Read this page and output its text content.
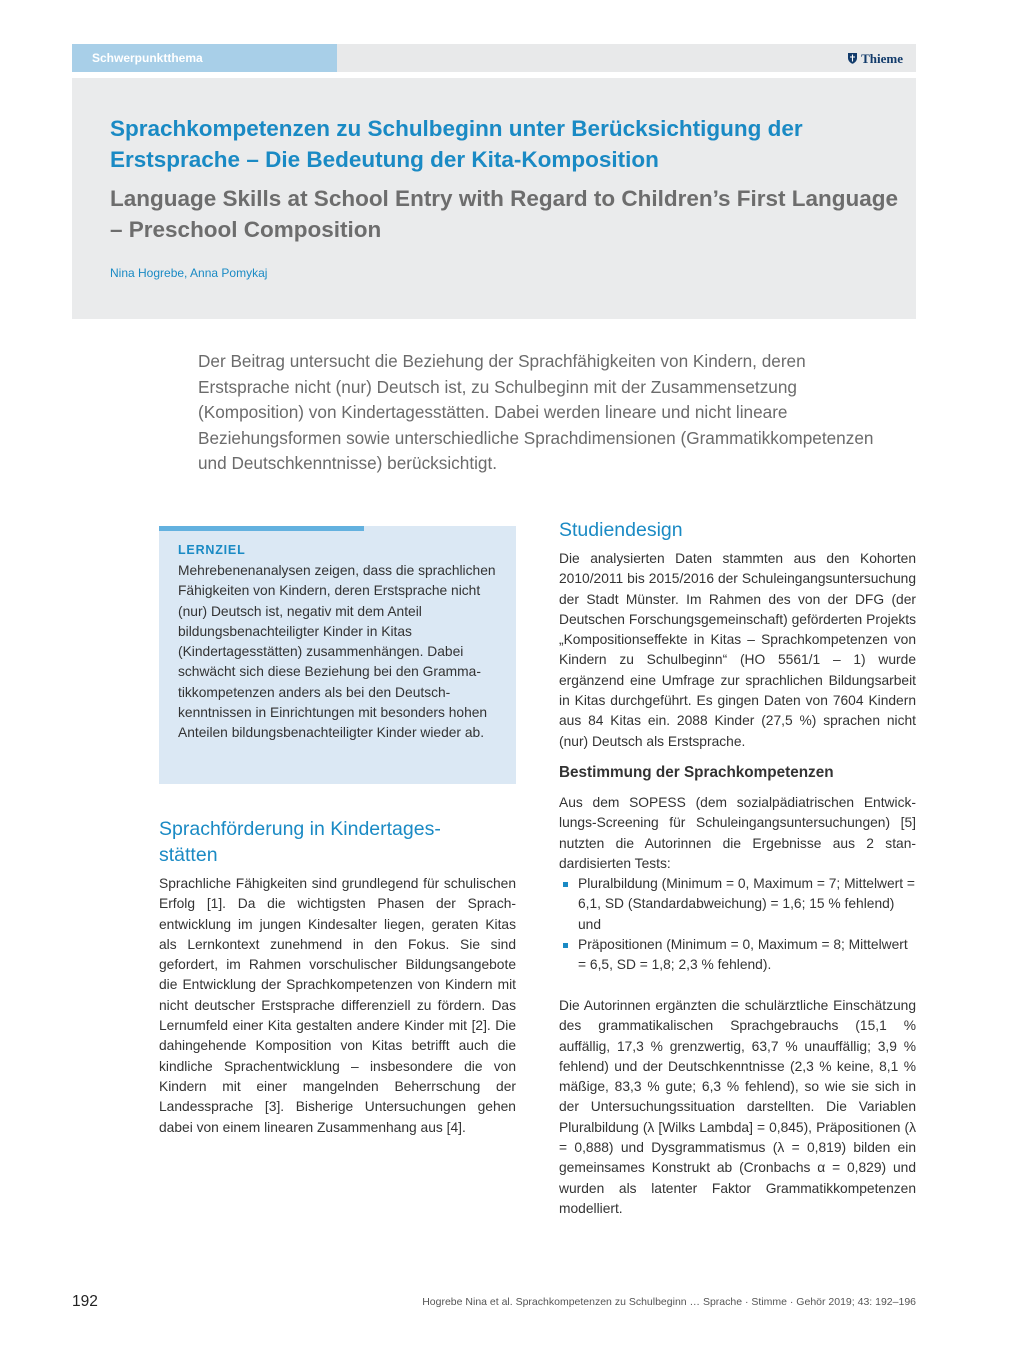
Schwerpunktthema	Thieme
Sprachkompetenzen zu Schulbeginn unter Berücksichtigung der Erstsprache – Die Bedeutung der Kita-Komposition
Language Skills at School Entry with Regard to Children’s First Language – Preschool Composition
Nina Hogrebe, Anna Pomykaj

Der Beitrag untersucht die Beziehung der Sprachfähigkeiten von Kindern, deren Erstsprache nicht (nur) Deutsch ist, zu Schulbeginn mit der Zusammensetzung (Komposition) von Kindertagesstätten. Dabei werden lineare und nicht lineare Beziehungsformen sowie unterschiedliche Sprachdimensionen (Grammatikkompetenzen und Deutschkenntnisse) berücksichtigt.

LERNZIEL

Mehrebenenanalysen zeigen, dass die sprachlichen Fähigkeiten von Kindern, deren Erstsprache nicht (nur) Deutsch ist, negativ mit dem Anteil bildungsbenachteiligter Kinder in Kitas (Kindertagesstätten) zusammenhängen. Dabei schwächt sich diese Beziehung bei den Grammatikkompetenzen anders als bei den Deutschkenntnissen in Einrichtungen mit besonders hohen Anteilen bildungsbenachteiligter Kinder wieder ab.

Sprachförderung in Kindertagesstätten

Sprachliche Fähigkeiten sind grundlegend für schulischen Erfolg [1]. Da die wichtigsten Phasen der Sprachentwicklung im jungen Kindesalter liegen, geraten Kitas als Lernkontext zunehmend in den Fokus. Sie sind gefordert, im Rahmen vorschulischer Bildungsangebote die Entwicklung der Sprachkompetenzen von Kindern mit nicht deutscher Erstsprache differenziell zu fördern. Das Lernumfeld einer Kita gestalten andere Kinder mit [2]. Die dahingehende Komposition von Kitas betrifft auch die kindliche Sprachentwicklung – insbesondere die von Kindern mit einer mangelnden Beherrschung der Landessprache [3]. Bisherige Untersuchungen gehen dabei von einem linearen Zusammenhang aus [4].

Studiendesign

Die analysierten Daten stammten aus den Kohorten 2010/2011 bis 2015/2016 der Schuleingangsuntersuchung der Stadt Münster. Im Rahmen des von der DFG (der Deutschen Forschungsgemeinschaft) geförderten Projekts „Kompositionseffekte in Kitas – Sprachkompetenzen von Kindern zu Schulbeginn“ (HO 5561/1 – 1) wurde ergänzend eine Umfrage zur sprachlichen Bildungsarbeit in Kitas durchgeführt. Es gingen Daten von 7604 Kindern aus 84 Kitas ein. 2088 Kinder (27,5 %) sprachen nicht (nur) Deutsch als Erstsprache.

Bestimmung der Sprachkompetenzen

Aus dem SOPESS (dem sozialpädiatrischen Entwicklungs-Screening für Schuleingangsuntersuchungen) [5] nutzten die Autorinnen die Ergebnisse aus 2 standardisierten Tests:

Pluralbildung (Minimum = 0, Maximum = 7; Mittelwert = 6,1, SD (Standardabweichung) = 1,6; 15 % fehlend) und
Präpositionen (Minimum = 0, Maximum = 8; Mittelwert = 6,5, SD = 1,8; 2,3 % fehlend).

Die Autorinnen ergänzten die schulärztliche Einschätzung des grammatikalischen Sprachgebrauchs (15,1 % auffällig, 17,3 % grenzwertig, 63,7 % unauffällig; 3,9 % fehlend) und der Deutschkenntnisse (2,3 % keine, 8,1 % mäßige, 83,3 % gute; 6,3 % fehlend), so wie sie sich in der Untersuchungssituation darstellten. Die Variablen Pluralbildung (λ [Wilks Lambda] = 0,845), Präpositionen (λ = 0,888) und Dysgrammatismus (λ = 0,819) bilden ein gemeinsames Konstrukt ab (Cronbachs α = 0,829) und wurden als latenter Faktor Grammatikkompetenzen modelliert.

192	Hogrebe Nina et al. Sprachkompetenzen zu Schulbeginn … Sprache · Stimme · Gehör 2019; 43: 192–196
